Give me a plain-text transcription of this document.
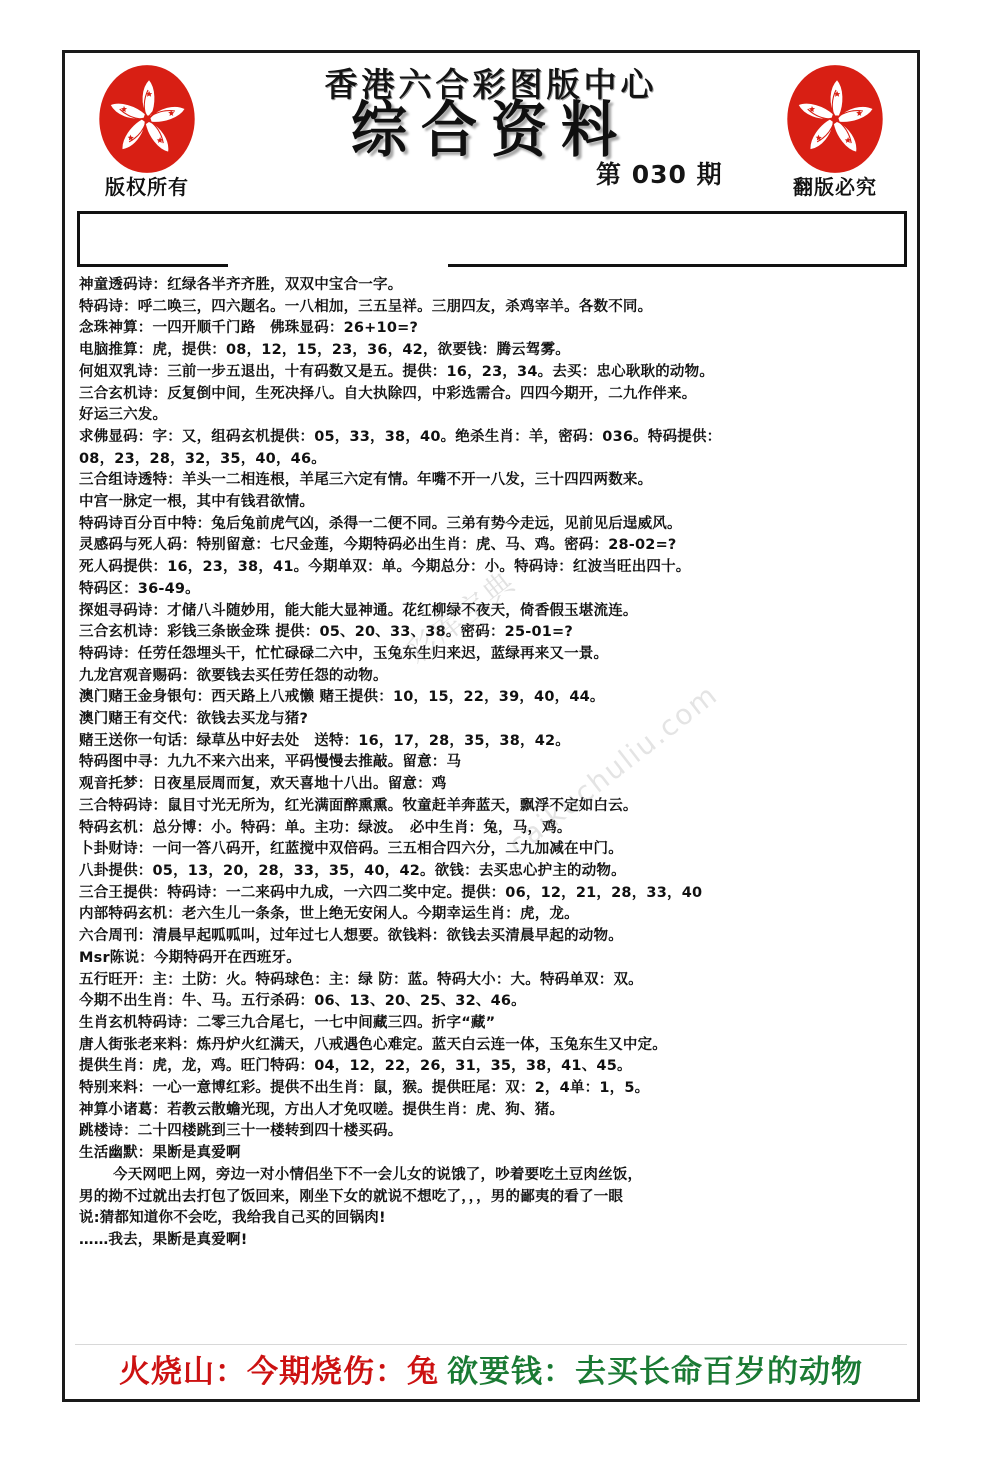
香港六合彩图版中心
综合资料
第 030 期
版权所有	翻版必究
神童透码诗：红绿各半齐齐胜，双双中宝合一字。
特码诗：呼二唤三，四六题名。一八相加，三五呈祥。三朋四友，杀鸡宰羊。各数不同。
念珠神算：一四开顺千门路　佛珠显码：26+10=?
电脑推算：虎，提供：08，12，15，23，36，42，欲要钱：腾云驾雾。
何姐双乳诗：三前一步五退出，十有码数又是五。提供：16，23，34。去买：忠心耿耿的动物。
三合玄机诗：反复倒中间，生死决择八。自大执除四，中彩选需合。四四今期开，二九作伴来。
好运三六发。
求佛显码：字：又，组码玄机提供：05，33，38，40。绝杀生肖：羊，密码：036。特码提供：
08，23，28，32，35，40，46。
三合组诗透特：羊头一二相连根，羊尾三六定有情。年嘴不开一八发，三十四四两数来。
中宫一脉定一根，其中有钱君欲情。
特码诗百分百中特：兔后兔前虎气凶，杀得一二便不同。三弟有势今走远，见前见后逞威风。
灵感码与死人码：特别留意：七尺金莲，今期特码必出生肖：虎、马、鸡。密码：28-02=?
死人码提供：16，23，38，41。今期单双：单。今期总分：小。特码诗：红波当旺出四十。
特码区：36-49。
探姐寻码诗：才储八斗随妙用，能大能大显神通。花红柳绿不夜天，倚香假玉堪流连。
三合玄机诗：彩钱三条嵌金珠 提供：05、20、33、38。密码：25-01=?
特码诗：任劳任怨埋头干，忙忙碌碌二六中，玉兔东生归来迟，蓝绿再来又一景。
九龙宫观音赐码：欲要钱去买任劳任怨的动物。
澳门赌王金身银句：西天路上八戒懒 赌王提供：10，15，22，39，40，44。
澳门赌王有交代：欲钱去买龙与猪?
赌王送你一句话：绿草丛中好去处　送特：16，17，28，35，38，42。
特码图中寻：九九不来六出来，平码慢慢去推敲。留意：马
观音托梦：日夜星辰周而复，欢天喜地十八出。留意：鸡
三合特码诗：鼠目寸光无所为，红光满面醉熏熏。牧童赶羊奔蓝天，飘浮不定如白云。
特码玄机：总分博：小。特码：单。主功：绿波。　必中生肖：兔，马，鸡。
卜卦财诗：一问一答八码开，红蓝搅中双倍码。三五相合四六分，二九加减在中门。
八卦提供：05，13，20，28，33，35，40，42。欲钱：去买忠心护主的动物。
三合王提供：特码诗：一二来码中九成，一六四二奖中定。提供：06，12，21，28，33，40
内部特码玄机：老六生儿一条条，世上绝无安闲人。今期幸运生肖：虎，龙。
六合周刊：清晨早起呱呱叫，过年过七人想要。欲钱料：欲钱去买清晨早起的动物。
Msr陈说：今期特码开在西班牙。
五行旺开：主：土防：火。特码球色：主：绿 防：蓝。特码大小：大。特码单双：双。
今期不出生肖：牛、马。五行杀码：06、13、20、25、32、46。
生肖玄机特码诗：二零三九合尾七，一七中间藏三四。折字“藏”
唐人街张老来料：炼丹炉火红满天，八戒遇色心难定。蓝天白云连一体，玉兔东生又中定。
提供生肖：虎，龙，鸡。旺门特码：04，12，22，26，31，35，38，41、45。
特别来料：一心一意博红彩。提供不出生肖：鼠，猴。提供旺尾：双：2，4单：1，5。
神算小诸葛：若教云散蟾光现，方出人才免叹嗟。提供生肖：虎、狗、猪。
跳楼诗：二十四楼跳到三十一楼转到四十楼买码。
生活幽默：果断是真爱啊
今天网吧上网，旁边一对小情侣坐下不一会儿女的说饿了，吵着要吃土豆肉丝饭，
男的拗不过就出去打包了饭回来，刚坐下女的就说不想吃了，，，男的鄙夷的看了一眼
说:猜都知道你不会吃，我给我自己买的回锅肉!
……我去，果断是真爱啊!
彩库宝典
caikuchuliu.com
火烧山：今期烧伤：兔 欲要钱：去买长命百岁的动物
